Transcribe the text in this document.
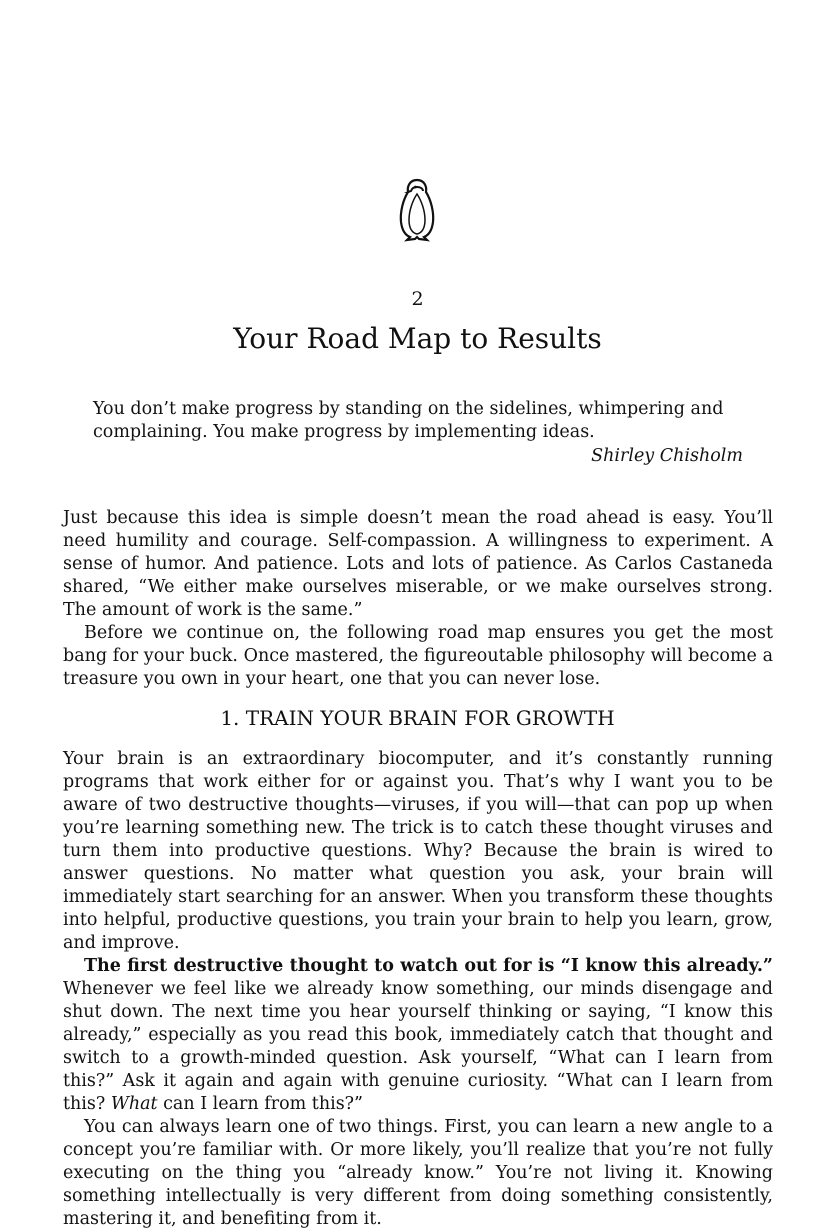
2
Your Road Map to Results
You don’t make progress by standing on the sidelines, whimpering and complaining. You make progress by implementing ideas.
Shirley Chisholm

Just because this idea is simple doesn’t mean the road ahead is easy. You’ll need humility and courage. Self-compassion. A willingness to experiment. A sense of humor. And patience. Lots and lots of patience. As Carlos Castaneda shared, “We either make ourselves miserable, or we make ourselves strong. The amount of work is the same.”

Before we continue on, the following road map ensures you get the most bang for your buck. Once mastered, the figureoutable philosophy will become a treasure you own in your heart, one that you can never lose.

1. TRAIN YOUR BRAIN FOR GROWTH

Your brain is an extraordinary biocomputer, and it’s constantly running programs that work either for or against you. That’s why I want you to be aware of two destructive thoughts—viruses, if you will—that can pop up when you’re learning something new. The trick is to catch these thought viruses and turn them into productive questions. Why? Because the brain is wired to answer questions. No matter what question you ask, your brain will immediately start searching for an answer. When you transform these thoughts into helpful, productive questions, you train your brain to help you learn, grow, and improve.

The first destructive thought to watch out for is “I know this already.” Whenever we feel like we already know something, our minds disengage and shut down. The next time you hear yourself thinking or saying, “I know this already,” especially as you read this book, immediately catch that thought and switch to a growth-minded question. Ask yourself, “What can I learn from this?” Ask it again and again with genuine curiosity. “What can I learn from this? What can I learn from this?”

You can always learn one of two things. First, you can learn a new angle to a concept you’re familiar with. Or more likely, you’ll realize that you’re not fully executing on the thing you “already know.” You’re not living it. Knowing something intellectually is very different from doing something consistently, mastering it, and benefiting from it.
